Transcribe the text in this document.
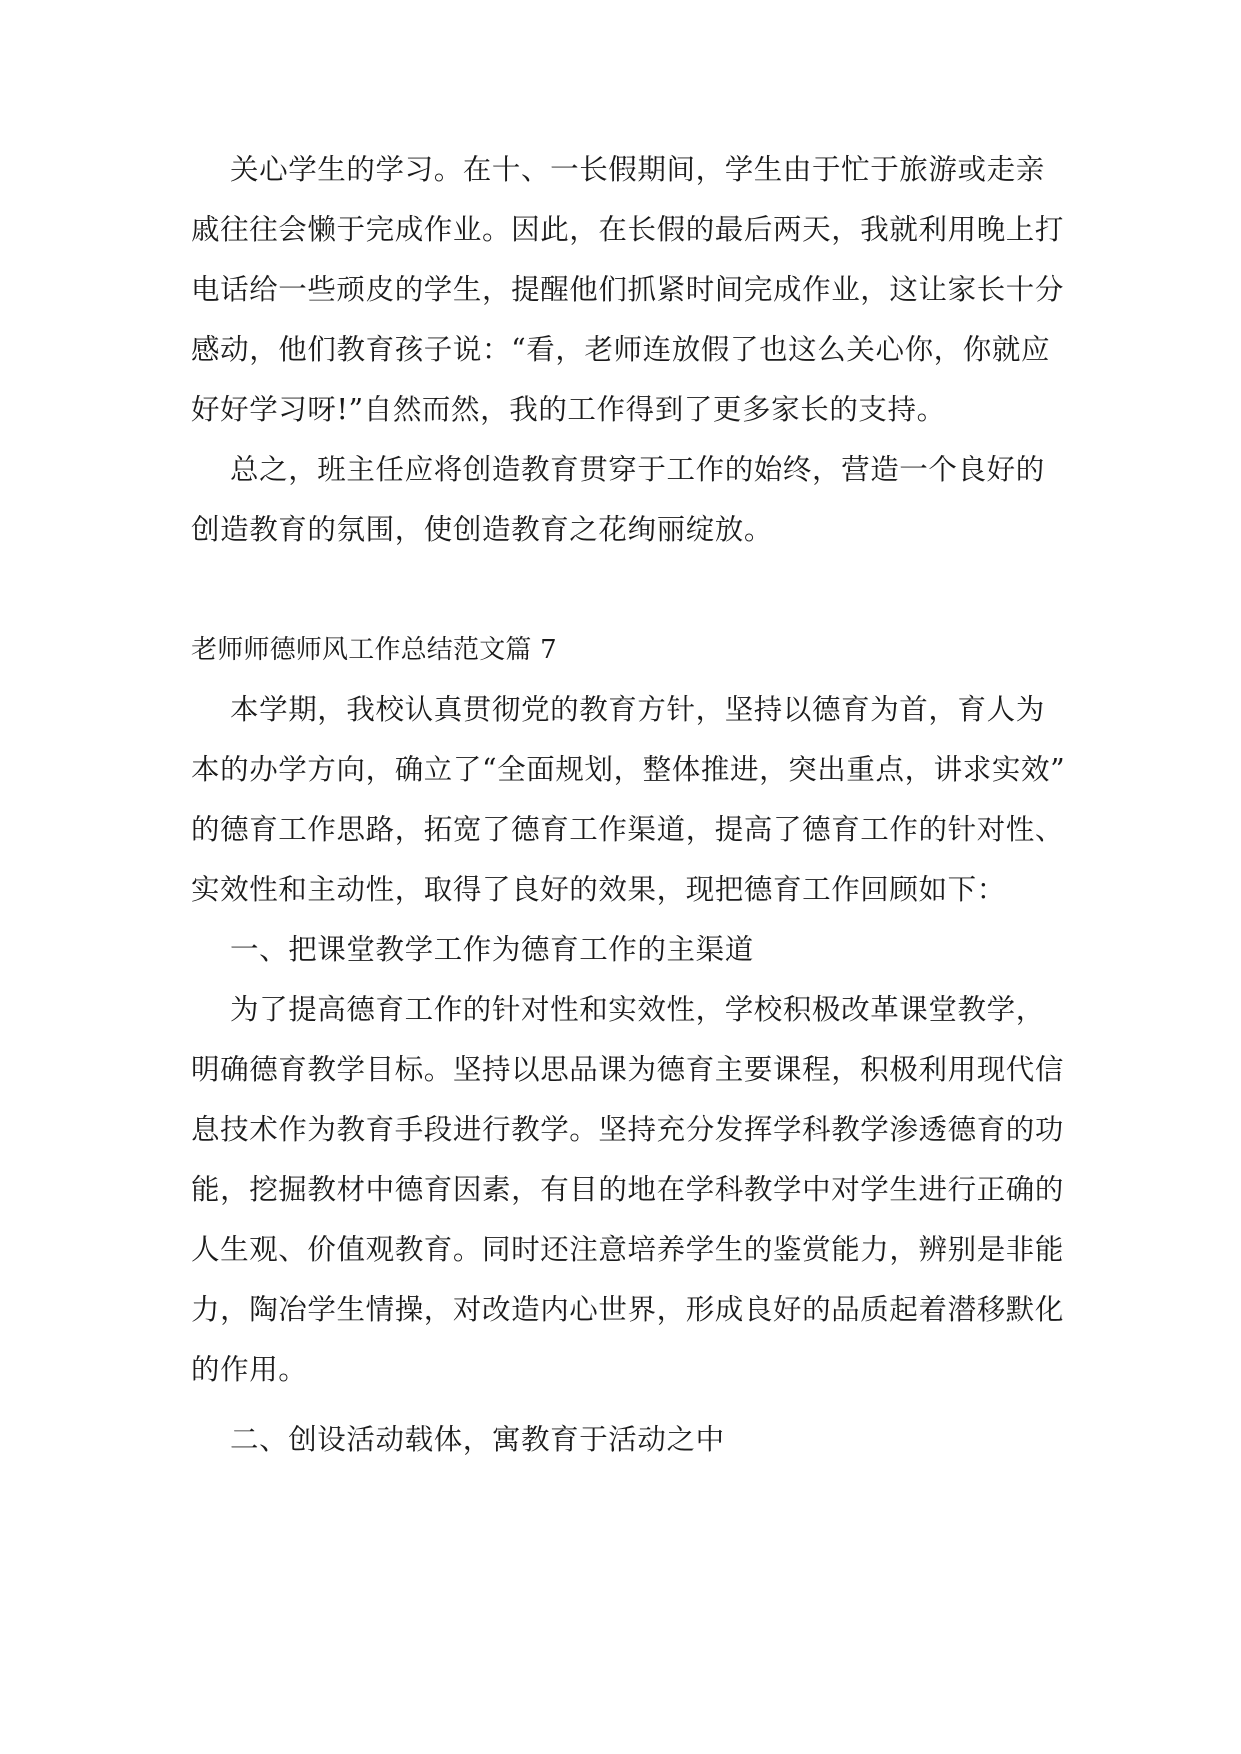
关心学生的学习。在十、一长假期间，学生由于忙于旅游或走亲

戚往往会懒于完成作业。因此，在长假的最后两天，我就利用晚上打

电话给一些顽皮的学生，提醒他们抓紧时间完成作业，这让家长十分

感动，他们教育孩子说：“看，老师连放假了也这么关心你，你就应

好好学习呀!”自然而然，我的工作得到了更多家长的支持。

总之，班主任应将创造教育贯穿于工作的始终，营造一个良好的

创造教育的氛围，使创造教育之花绚丽绽放。

老师师德师风工作总结范文篇 7

本学期，我校认真贯彻党的教育方针，坚持以德育为首，育人为

本的办学方向，确立了“全面规划，整体推进，突出重点，讲求实效”

的德育工作思路，拓宽了德育工作渠道，提高了德育工作的针对性、

实效性和主动性，取得了良好的效果，现把德育工作回顾如下：

一、把课堂教学工作为德育工作的主渠道

为了提高德育工作的针对性和实效性，学校积极改革课堂教学，

明确德育教学目标。坚持以思品课为德育主要课程，积极利用现代信

息技术作为教育手段进行教学。坚持充分发挥学科教学渗透德育的功

能，挖掘教材中德育因素，有目的地在学科教学中对学生进行正确的

人生观、价值观教育。同时还注意培养学生的鉴赏能力，辨别是非能

力，陶冶学生情操，对改造内心世界，形成良好的品质起着潜移默化

的作用。

二、创设活动载体，寓教育于活动之中
